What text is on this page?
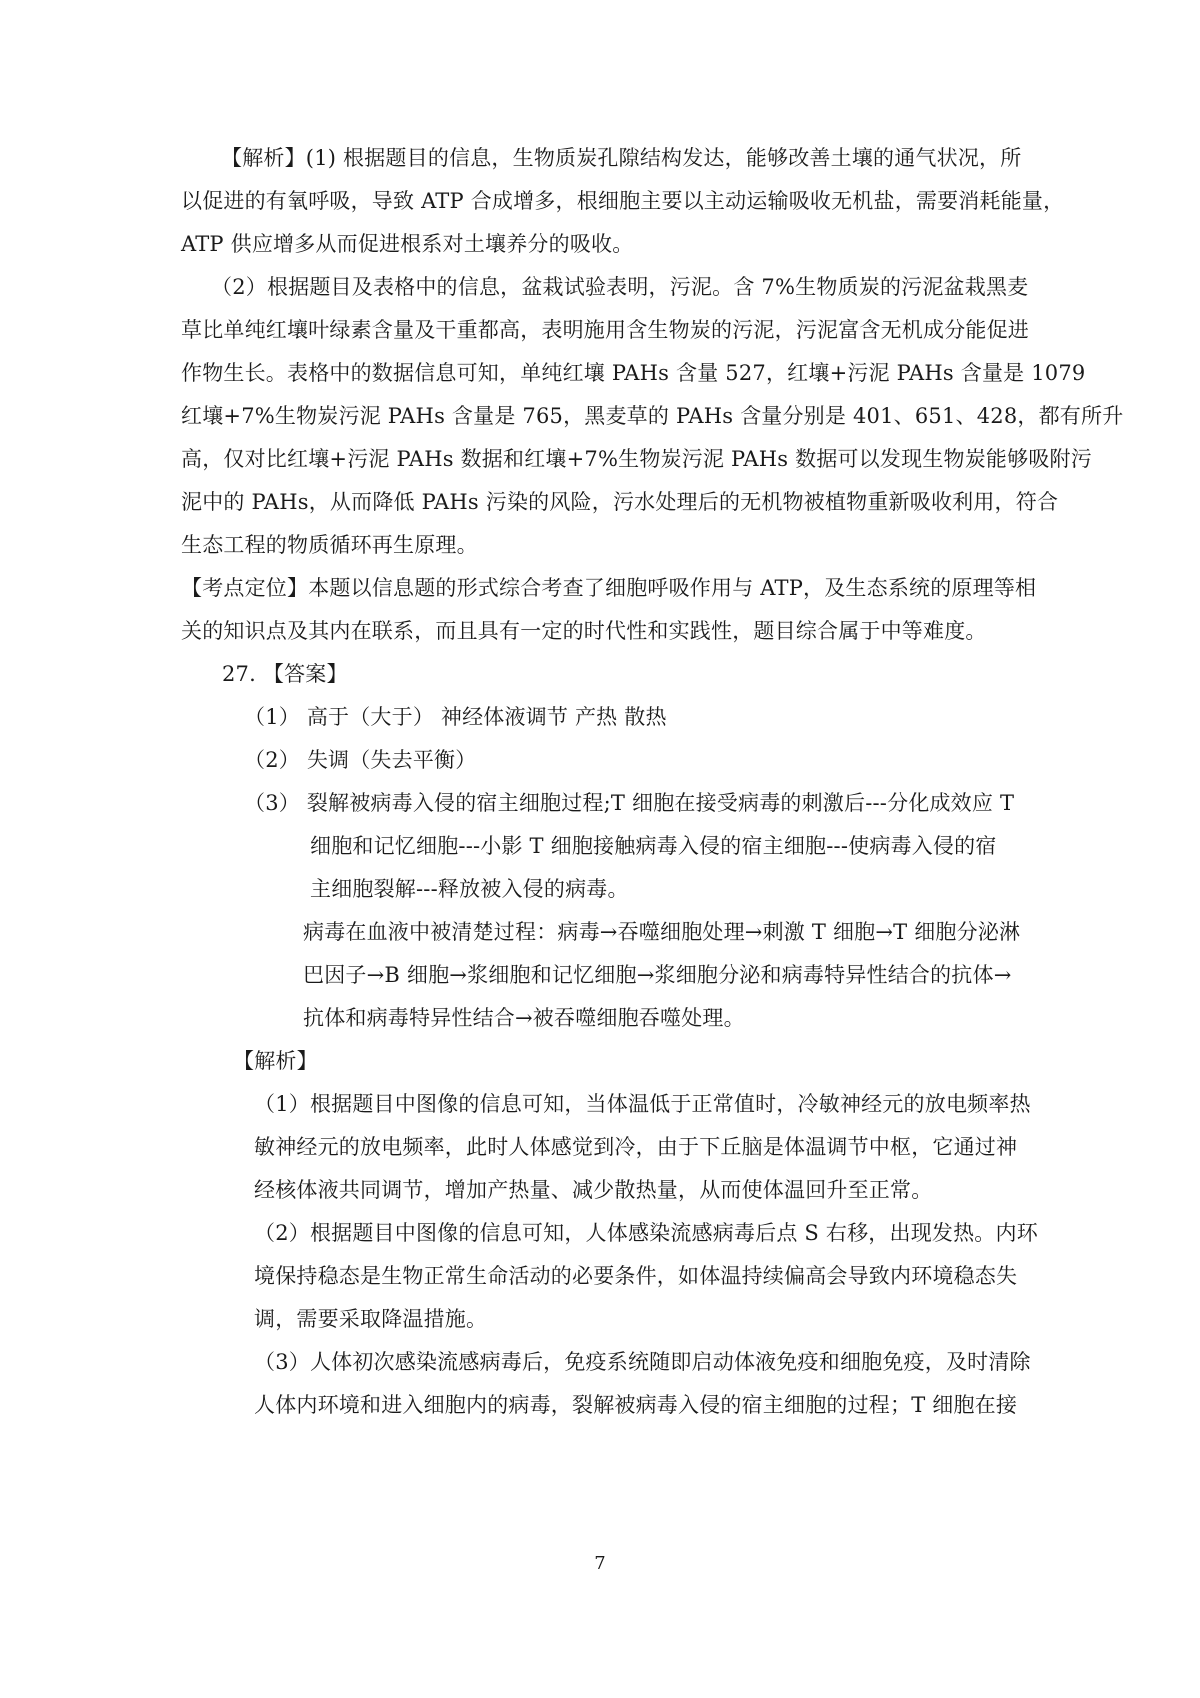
【解析】(1) 根据题目的信息，生物质炭孔隙结构发达，能够改善土壤的通气状况，所
以促进的有氧呼吸，导致 ATP 合成增多，根细胞主要以主动运输吸收无机盐，需要消耗能量，
ATP 供应增多从而促进根系对土壤养分的吸收。
（2）根据题目及表格中的信息，盆栽试验表明，污泥。含 7%生物质炭的污泥盆栽黑麦
草比单纯红壤叶绿素含量及干重都高，表明施用含生物炭的污泥，污泥富含无机成分能促进
作物生长。表格中的数据信息可知，单纯红壤 PAHs 含量 527，红壤+污泥 PAHs 含量是 1079
红壤+7%生物炭污泥 PAHs 含量是 765，黑麦草的 PAHs 含量分别是 401、651、428，都有所升
高，仅对比红壤+污泥 PAHs 数据和红壤+7%生物炭污泥 PAHs 数据可以发现生物炭能够吸附污
泥中的 PAHs，从而降低 PAHs 污染的风险，污水处理后的无机物被植物重新吸收利用，符合
生态工程的物质循环再生原理。
【考点定位】本题以信息题的形式综合考查了细胞呼吸作用与 ATP，及生态系统的原理等相
关的知识点及其内在联系，而且具有一定的时代性和实践性，题目综合属于中等难度。
27. 【答案】
（1） 高于（大于） 神经体液调节 产热 散热
（2） 失调（失去平衡）
（3） 裂解被病毒入侵的宿主细胞过程;T 细胞在接受病毒的刺激后---分化成效应 T
细胞和记忆细胞---小影 T 细胞接触病毒入侵的宿主细胞---使病毒入侵的宿
主细胞裂解---释放被入侵的病毒。
病毒在血液中被清楚过程：病毒→吞噬细胞处理→刺激 T 细胞→T 细胞分泌淋
巴因子→B 细胞→浆细胞和记忆细胞→浆细胞分泌和病毒特异性结合的抗体→
抗体和病毒特异性结合→被吞噬细胞吞噬处理。
【解析】
（1）根据题目中图像的信息可知，当体温低于正常值时，冷敏神经元的放电频率热
敏神经元的放电频率，此时人体感觉到冷，由于下丘脑是体温调节中枢，它通过神
经核体液共同调节，增加产热量、减少散热量，从而使体温回升至正常。
（2）根据题目中图像的信息可知，人体感染流感病毒后点 S 右移，出现发热。内环
境保持稳态是生物正常生命活动的必要条件，如体温持续偏高会导致内环境稳态失
调，需要采取降温措施。
（3）人体初次感染流感病毒后，免疫系统随即启动体液免疫和细胞免疫，及时清除
人体内环境和进入细胞内的病毒，裂解被病毒入侵的宿主细胞的过程；T 细胞在接
7
